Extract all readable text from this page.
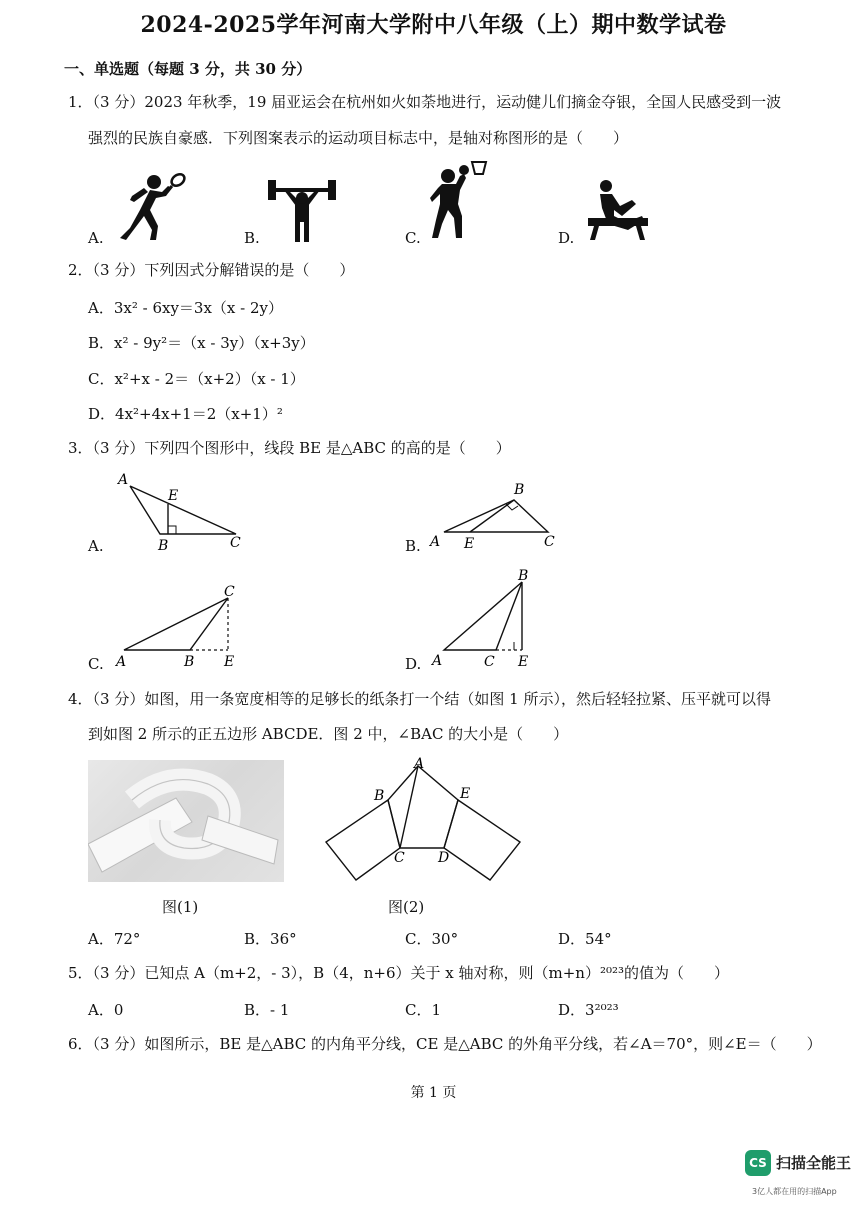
2024-2025学年河南大学附中八年级（上）期中数学试卷
一、单选题（每题 3 分，共 30 分）
1．（3 分）2023 年秋季，19 届亚运会在杭州如火如荼地进行，运动健儿们摘金夺银，全国人民感受到一波
强烈的民族自豪感．下列图案表示的运动项目标志中，是轴对称图形的是（　　）
A.	B.	C.	D.
2．（3 分）下列因式分解错误的是（　　）
A．3x² - 6xy＝3x（x - 2y）
B．x² - 9y²＝（x - 3y）（x+3y）
C．x²+x - 2＝（x+2）（x - 1）
D．4x²+4x+1＝2（x+1）²
3．（3 分）下列四个图形中，线段 BE 是△ABC 的高的是（　　）
A
E
B	C
A.
B
A E	C
B.
C
A	B E
C.
B
A	C E
D.
4．（3 分）如图，用一条宽度相等的足够长的纸条打一个结（如图 1 所示），然后轻轻拉紧、压平就可以得
到如图 2 所示的正五边形 ABCDE．图 2 中，∠BAC 的大小是（　　）
图(1)
A
B
C D
E
图(2)
A．72°	B．36°	C．30°	D．54°
5．（3 分）已知点 A（m+2，- 3），B（4，n+6）关于 x 轴对称，则（m+n）²⁰²³的值为（　　）
A．0	B．- 1	C．1	D．3²⁰²³
6．（3 分）如图所示，BE 是△ABC 的内角平分线，CE 是△ABC 的外角平分线，若∠A＝70°，则∠E＝（　　）
第 1 页
CS 扫描全能王
3亿人都在用的扫描App
